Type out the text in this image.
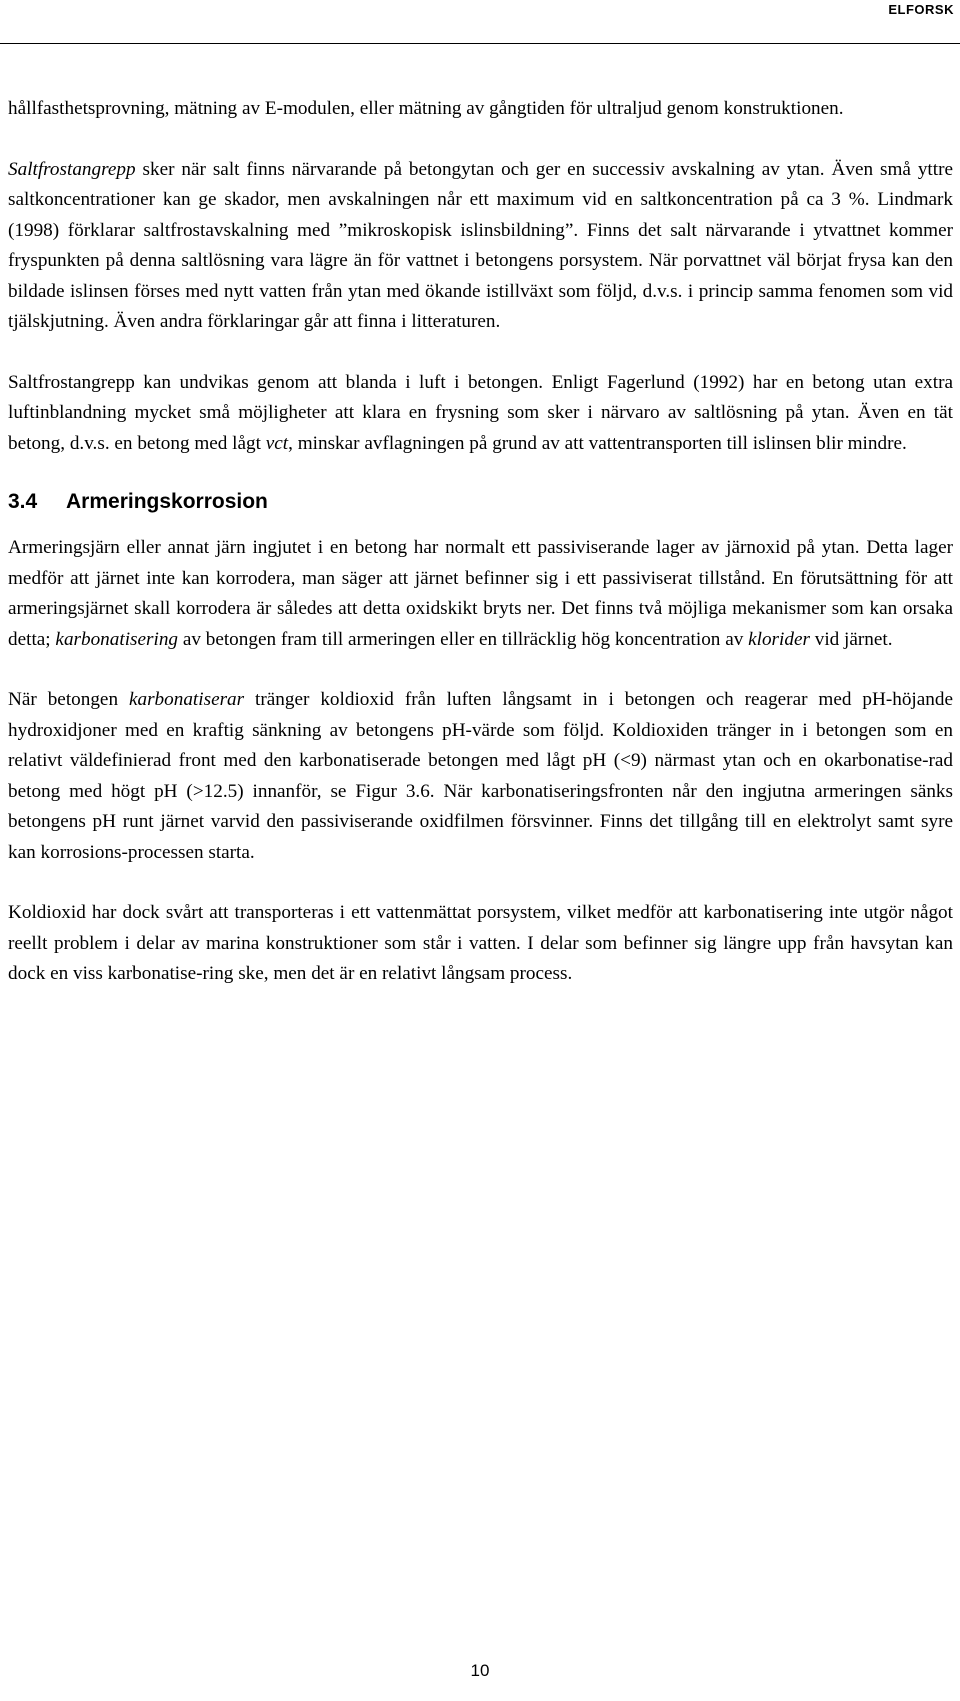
ELFORSK

hållfasthetsprovning, mätning av E-modulen, eller mätning av gångtiden för ultraljud genom konstruktionen.

Saltfrostangrepp sker när salt finns närvarande på betongytan och ger en successiv avskalning av ytan. Även små yttre saltkoncentrationer kan ge skador, men avskalningen når ett maximum vid en saltkoncentration på ca 3 %. Lindmark (1998) förklarar saltfrostavskalning med ”mikroskopisk islinsbildning”. Finns det salt närvarande i ytvattnet kommer fryspunkten på denna saltlösning vara lägre än för vattnet i betongens porsystem. När porvattnet väl börjat frysa kan den bildade islinsen förses med nytt vatten från ytan med ökande istillväxt som följd, d.v.s. i princip samma fenomen som vid tjälskjutning. Även andra förklaringar går att finna i litteraturen.

Saltfrostangrepp kan undvikas genom att blanda i luft i betongen. Enligt Fagerlund (1992) har en betong utan extra luftinblandning mycket små möjligheter att klara en frysning som sker i närvaro av saltlösning på ytan. Även en tät betong, d.v.s. en betong med lågt vct, minskar avflagningen på grund av att vattentransporten till islinsen blir mindre.

3.4 Armeringskorrosion

Armeringsjärn eller annat järn ingjutet i en betong har normalt ett passiviserande lager av järnoxid på ytan. Detta lager medför att järnet inte kan korrodera, man säger att järnet befinner sig i ett passiviserat tillstånd. En förutsättning för att armeringsjärnet skall korrodera är således att detta oxidskikt bryts ner. Det finns två möjliga mekanismer som kan orsaka detta; karbonatisering av betongen fram till armeringen eller en tillräcklig hög koncentration av klorider vid järnet.

När betongen karbonatiserar tränger koldioxid från luften långsamt in i betongen och reagerar med pH-höjande hydroxidjoner med en kraftig sänkning av betongens pH-värde som följd. Koldioxiden tränger in i betongen som en relativt väldefinierad front med den karbonatiserade betongen med lågt pH (<9) närmast ytan och en okarbonatise-rad betong med högt pH (>12.5) innanför, se Figur 3.6. När karbonatiseringsfronten når den ingjutna armeringen sänks betongens pH runt järnet varvid den passiviserande oxidfilmen försvinner. Finns det tillgång till en elektrolyt samt syre kan korrosions-processen starta.

Koldioxid har dock svårt att transporteras i ett vattenmättat porsystem, vilket medför att karbonatisering inte utgör något reellt problem i delar av marina konstruktioner som står i vatten. I delar som befinner sig längre upp från havsytan kan dock en viss karbonatise-ring ske, men det är en relativt långsam process.

10
